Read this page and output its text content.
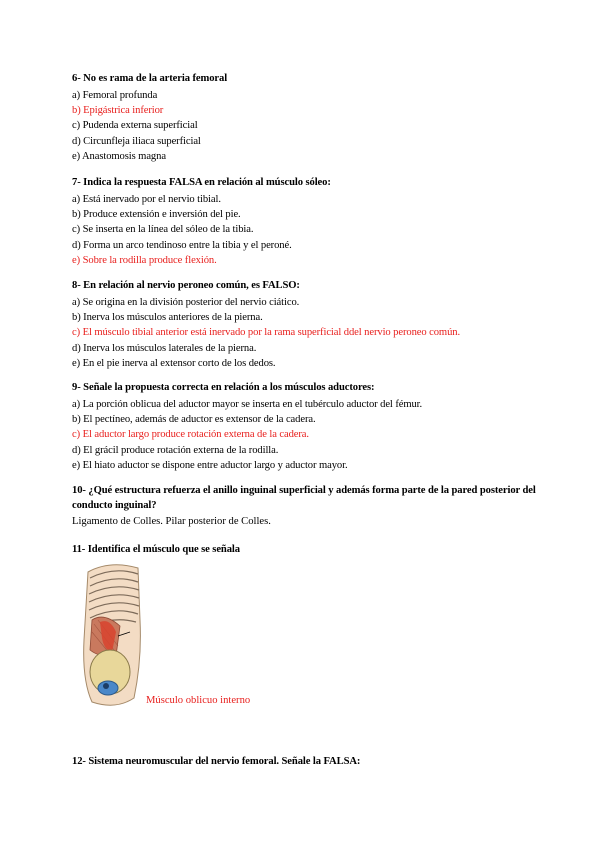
6- No es rama de la arteria femoral
a) Femoral profunda
b) Epigástrica inferior
c) Pudenda externa superficial
d) Circunfleja iliaca superficial
e) Anastomosis magna
7- Indica la respuesta FALSA en relación al músculo sóleo:
a) Está inervado por el nervio tibial.
b) Produce extensión e inversión del pie.
c) Se inserta en la línea del sóleo de la tibia.
d) Forma un arco tendinoso entre la tibia y el peroné.
e) Sobre la rodilla produce flexión.
8- En relación al nervio peroneo común, es FALSO:
a) Se origina en la división posterior del nervio ciático.
b) Inerva los músculos anteriores de la pierna.
c) El músculo tibial anterior está inervado por la rama superficial ddel nervio peroneo común.
d) Inerva los músculos laterales de la pierna.
e) En el pie inerva al extensor corto de los dedos.
9- Señale la propuesta correcta en relación a los músculos aductores:
a) La porción oblicua del aductor mayor se inserta en el tubérculo aductor del fémur.
b) El pectíneo, además de aductor es extensor de la cadera.
c) El aductor largo produce rotación externa de la cadera.
d) El grácil produce rotación externa de la rodilla.
e) El hiato aductor se dispone entre aductor largo y aductor mayor.
10- ¿Qué estructura refuerza el anillo inguinal superficial y además forma parte de la pared posterior del conducto inguinal?
Ligamento de Colles. Pilar posterior de Colles.
11- Identifica el músculo que se señala
Músculo oblicuo interno
12- Sistema neuromuscular del nervio femoral. Señale la FALSA:
